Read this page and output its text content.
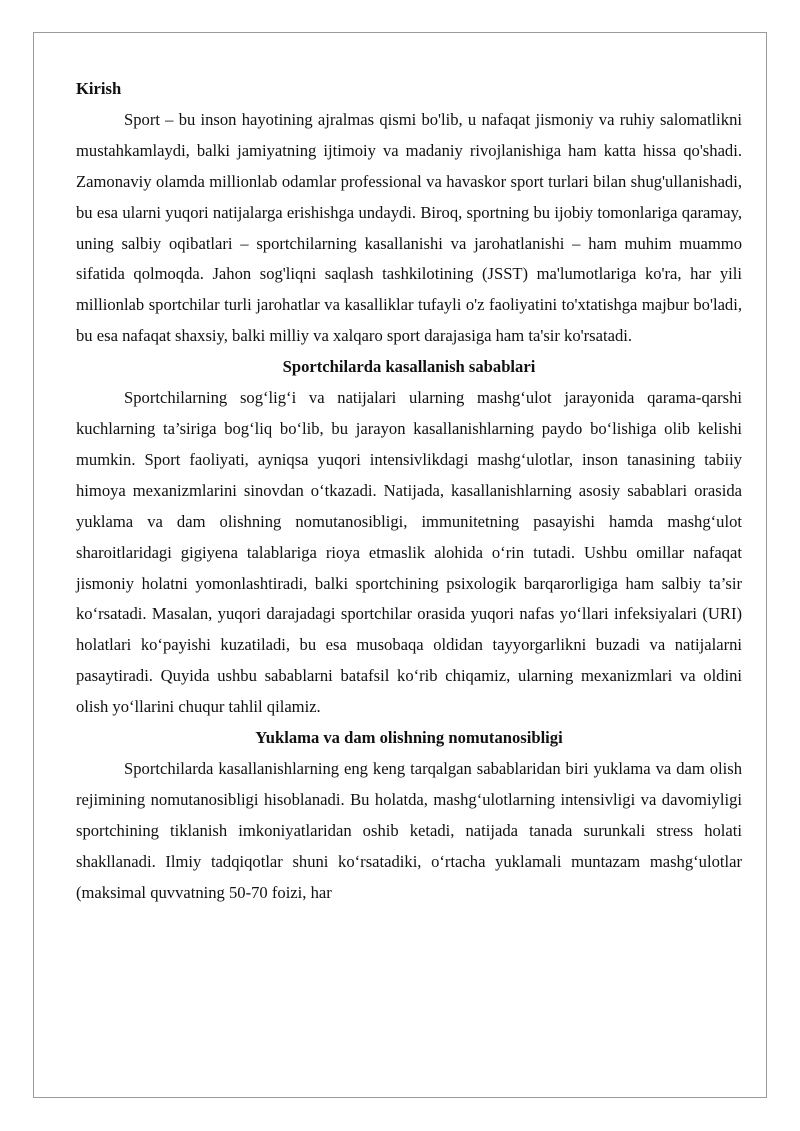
Kirish

Sport – bu inson hayotining ajralmas qismi bo'lib, u nafaqat jismoniy va ruhiy salomatlikni mustahkamlaydi, balki jamiyatning ijtimoiy va madaniy rivojlanishiga ham katta hissa qo'shadi. Zamonaviy olamda millionlab odamlar professional va havaskor sport turlari bilan shug'ullanishadi, bu esa ularni yuqori natijalarga erishishga undaydi. Biroq, sportning bu ijobiy tomonlariga qaramay, uning salbiy oqibatlari – sportchilarning kasallanishi va jarohatlanishi – ham muhim muammo sifatida qolmoqda. Jahon sog'liqni saqlash tashkilotining (JSST) ma'lumotlariga ko'ra, har yili millionlab sportchilar turli jarohatlar va kasalliklar tufayli o'z faoliyatini to'xtatishga majbur bo'ladi, bu esa nafaqat shaxsiy, balki milliy va xalqaro sport darajasiga ham ta'sir ko'rsatadi.

Sportchilarda kasallanish sabablari

Sportchilarning sog‘lig‘i va natijalari ularning mashg‘ulot jarayonida qarama-qarshi kuchlarning ta’siriga bog‘liq bo‘lib, bu jarayon kasallanishlarning paydo bo‘lishiga olib kelishi mumkin. Sport faoliyati, ayniqsa yuqori intensivlikdagi mashg‘ulotlar, inson tanasining tabiiy himoya mexanizmlarini sinovdan o‘tkazadi. Natijada, kasallanishlarning asosiy sabablari orasida yuklama va dam olishning nomutanosibligi, immunitetning pasayishi hamda mashg‘ulot sharoitlaridagi gigiyena talablariga rioya etmaslik alohida o‘rin tutadi. Ushbu omillar nafaqat jismoniy holatni yomonlashtiradi, balki sportchining psixologik barqarorligiga ham salbiy ta’sir ko‘rsatadi. Masalan, yuqori darajadagi sportchilar orasida yuqori nafas yo‘llari infeksiyalari (URI) holatlari ko‘payishi kuzatiladi, bu esa musobaqa oldidan tayyorgarlikni buzadi va natijalarni pasaytiradi. Quyida ushbu sabablarni batafsil ko‘rib chiqamiz, ularning mexanizmlari va oldini olish yo‘llarini chuqur tahlil qilamiz.

Yuklama va dam olishning nomutanosibligi

Sportchilarda kasallanishlarning eng keng tarqalgan sabablaridan biri yuklama va dam olish rejimining nomutanosibligi hisoblanadi. Bu holatda, mashg‘ulotlarning intensivligi va davomiyligi sportchining tiklanish imkoniyatlaridan oshib ketadi, natijada tanada surunkali stress holati shakllanadi. Ilmiy tadqiqotlar shuni ko‘rsatadiki, o‘rtacha yuklamali muntazam mashg‘ulotlar (maksimal quvvatning 50-70 foizi, har
